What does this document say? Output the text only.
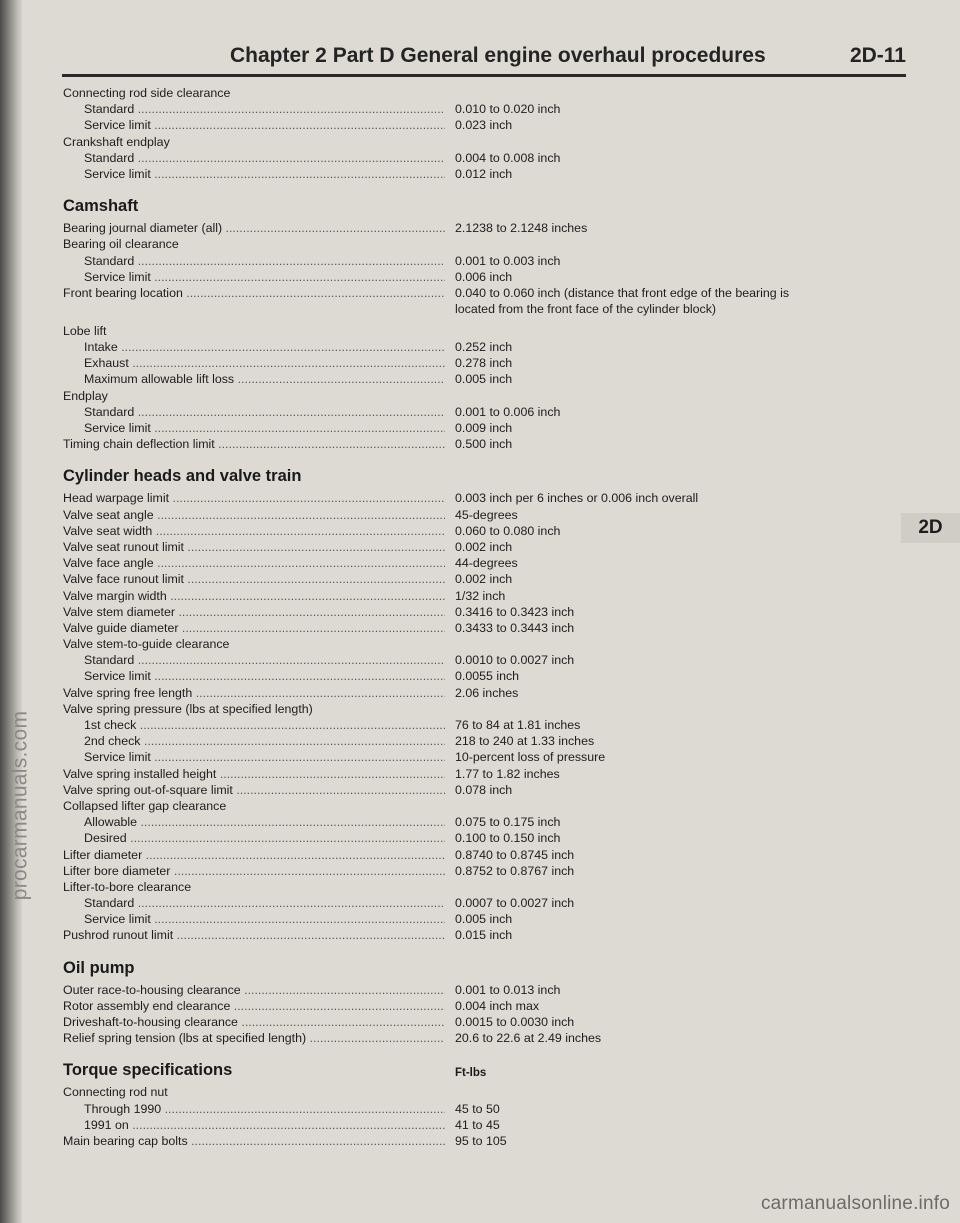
procarmanuals.com
Chapter 2 Part D General engine overhaul procedures	2D-11
2D
Connecting rod side clearance
Standard .....	0.010 to 0.020 inch
Service limit .....	0.023 inch
Crankshaft endplay
Standard .....	0.004 to 0.008 inch
Service limit .....	0.012 inch
Camshaft
Bearing journal diameter (all) .....	2.1238 to 2.1248 inches
Bearing oil clearance
Standard .....	0.001 to 0.003 inch
Service limit .....	0.006 inch
Front bearing location .....	0.040 to 0.060 inch (distance that front edge of the bearing is located from the front face of the cylinder block)
Lobe lift
Intake .....	0.252 inch
Exhaust .....	0.278 inch
Maximum allowable lift loss .....	0.005 inch
Endplay
Standard .....	0.001 to 0.006 inch
Service limit .....	0.009 inch
Timing chain deflection limit .....	0.500 inch
Cylinder heads and valve train
Head warpage limit .....	0.003 inch per 6 inches or 0.006 inch overall
Valve seat angle .....	45-degrees
Valve seat width .....	0.060 to 0.080 inch
Valve seat runout limit .....	0.002 inch
Valve face angle .....	44-degrees
Valve face runout limit .....	0.002 inch
Valve margin width .....	1/32 inch
Valve stem diameter .....	0.3416 to 0.3423 inch
Valve guide diameter .....	0.3433 to 0.3443 inch
Valve stem-to-guide clearance
Standard .....	0.0010 to 0.0027 inch
Service limit .....	0.0055 inch
Valve spring free length .....	2.06 inches
Valve spring pressure (lbs at specified length)
1st check .....	76 to 84 at 1.81 inches
2nd check .....	218 to 240 at 1.33 inches
Service limit .....	10-percent loss of pressure
Valve spring installed height .....	1.77 to 1.82 inches
Valve spring out-of-square limit .....	0.078 inch
Collapsed lifter gap clearance
Allowable .....	0.075 to 0.175 inch
Desired .....	0.100 to 0.150 inch
Lifter diameter .....	0.8740 to 0.8745 inch
Lifter bore diameter .....	0.8752 to 0.8767 inch
Lifter-to-bore clearance
Standard .....	0.0007 to 0.0027 inch
Service limit .....	0.005 inch
Pushrod runout limit .....	0.015 inch
Oil pump
Outer race-to-housing clearance .....	0.001 to 0.013 inch
Rotor assembly end clearance .....	0.004 inch max
Driveshaft-to-housing clearance .....	0.0015 to 0.0030 inch
Relief spring tension (lbs at specified length) .....	20.6 to 22.6 at 2.49 inches
Torque specifications	Ft-lbs
Connecting rod nut
Through 1990 .....	45 to 50
1991 on .....	41 to 45
Main bearing cap bolts .....	95 to 105
carmanualsonline.info
